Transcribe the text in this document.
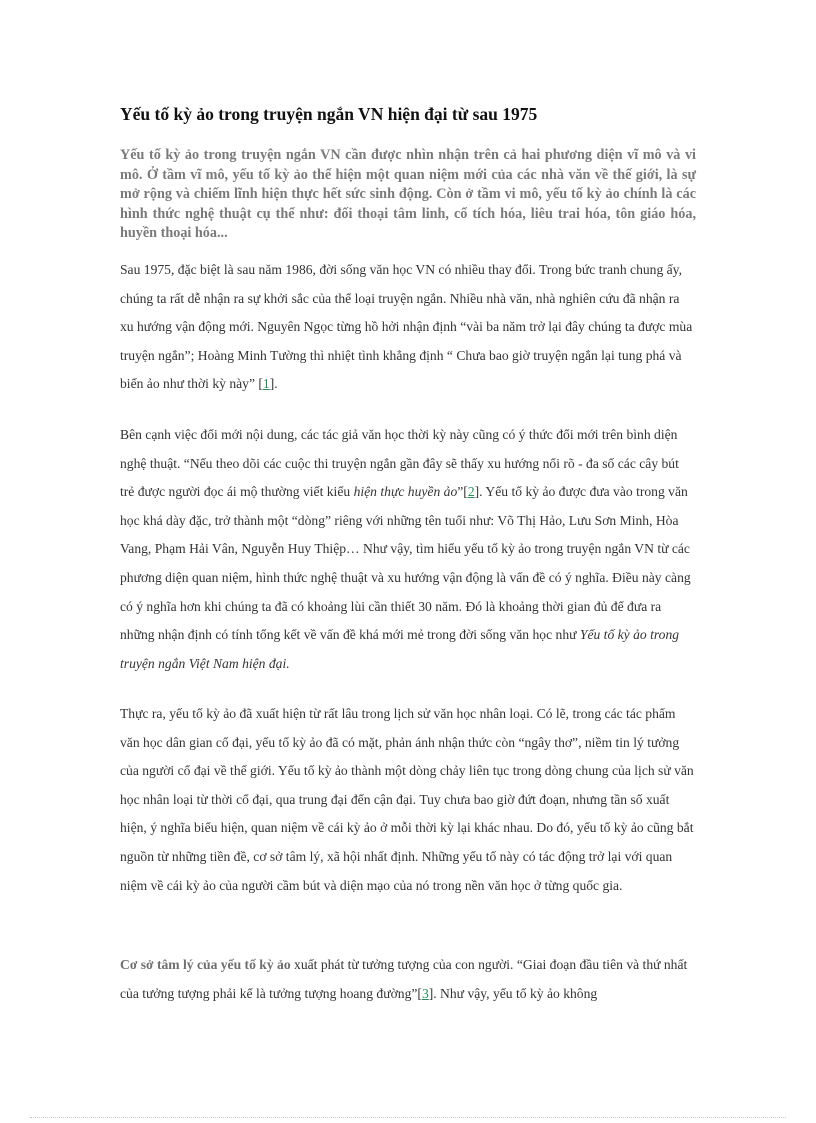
Yếu tố kỳ ảo trong truyện ngắn VN hiện đại từ sau 1975

Yếu tố kỳ ảo trong truyện ngắn VN cần được nhìn nhận trên cả hai phương diện vĩ mô và vi mô. Ở tầm vĩ mô, yếu tố kỳ ảo thể hiện một quan niệm mới của các nhà văn về thế giới, là sự mở rộng và chiếm lĩnh hiện thực hết sức sinh động. Còn ở tầm vi mô, yếu tố kỳ ảo chính là các hình thức nghệ thuật cụ thể như: đối thoại tâm linh, cổ tích hóa, liêu trai hóa, tôn giáo hóa, huyền thoại hóa...

Sau 1975, đặc biệt là sau năm 1986, đời sống văn học VN có nhiều thay đổi. Trong bức tranh chung ấy, chúng ta rất dễ nhận ra sự khởi sắc của thể loại truyện ngắn. Nhiều nhà văn, nhà nghiên cứu đã nhận ra xu hướng vận động mới. Nguyên Ngọc từng hồ hởi nhận định “vài ba năm trở lại đây chúng ta được mùa truyện ngắn”; Hoàng Minh Tường thì nhiệt tình khẳng định “ Chưa bao giờ truyện ngắn lại tung phá và biến ảo như thời kỳ này” [1].

Bên cạnh việc đổi mới nội dung, các tác giả văn học thời kỳ này cũng có ý thức đổi mới trên bình diện nghệ thuật. “Nếu theo dõi các cuộc thi truyện ngắn gần đây sẽ thấy xu hướng nổi rõ - đa số các cây bút trẻ được người đọc ái mộ thường viết kiểu hiện thực huyền ảo”[2]. Yếu tố kỳ ảo được đưa vào trong văn học khá dày đặc, trở thành một “dòng” riêng với những tên tuổi như: Võ Thị Hảo, Lưu Sơn Minh, Hòa Vang, Phạm Hải Vân, Nguyễn Huy Thiệp… Như vậy, tìm hiểu yếu tố kỳ ảo trong truyện ngắn VN từ các phương diện quan niệm, hình thức nghệ thuật và xu hướng vận động là vấn đề có ý nghĩa. Điều này càng có ý nghĩa hơn khi chúng ta đã có khoảng lùi cần thiết 30 năm. Đó là khoảng thời gian đủ để đưa ra những nhận định có tính tổng kết về vấn đề khá mới mẻ trong đời sống văn học như Yếu tố kỳ ảo trong truyện ngắn Việt Nam hiện đại.

Thực ra, yếu tố kỳ ảo đã xuất hiện từ rất lâu trong lịch sử văn học nhân loại. Có lẽ, trong các tác phẩm văn học dân gian cổ đại, yếu tố kỳ ảo đã có mặt, phản ánh nhận thức còn “ngây thơ”, niềm tin lý tưởng của người cổ đại về thế giới. Yếu tố kỳ ảo thành một dòng chảy liên tục trong dòng chung của lịch sử văn học nhân loại từ thời cổ đại, qua trung đại đến cận đại. Tuy chưa bao giờ đứt đoạn, nhưng tần số xuất hiện, ý nghĩa biểu hiện, quan niệm về cái kỳ ảo ở mỗi thời kỳ lại khác nhau. Do đó, yếu tố kỳ ảo cũng bắt nguồn từ những tiền đề, cơ sở tâm lý, xã hội nhất định. Những yếu tố này có tác động trở lại với quan niệm về cái kỳ ảo của người cầm bút và diện mạo của nó trong nền văn học ở từng quốc gia.

Cơ sở tâm lý của yếu tố kỳ ảo xuất phát từ tưởng tượng của con người. “Giai đoạn đầu tiên và thứ nhất của tưởng tượng phải kể là tưởng tượng hoang đường”[3]. Như vậy, yếu tố kỳ ảo không
